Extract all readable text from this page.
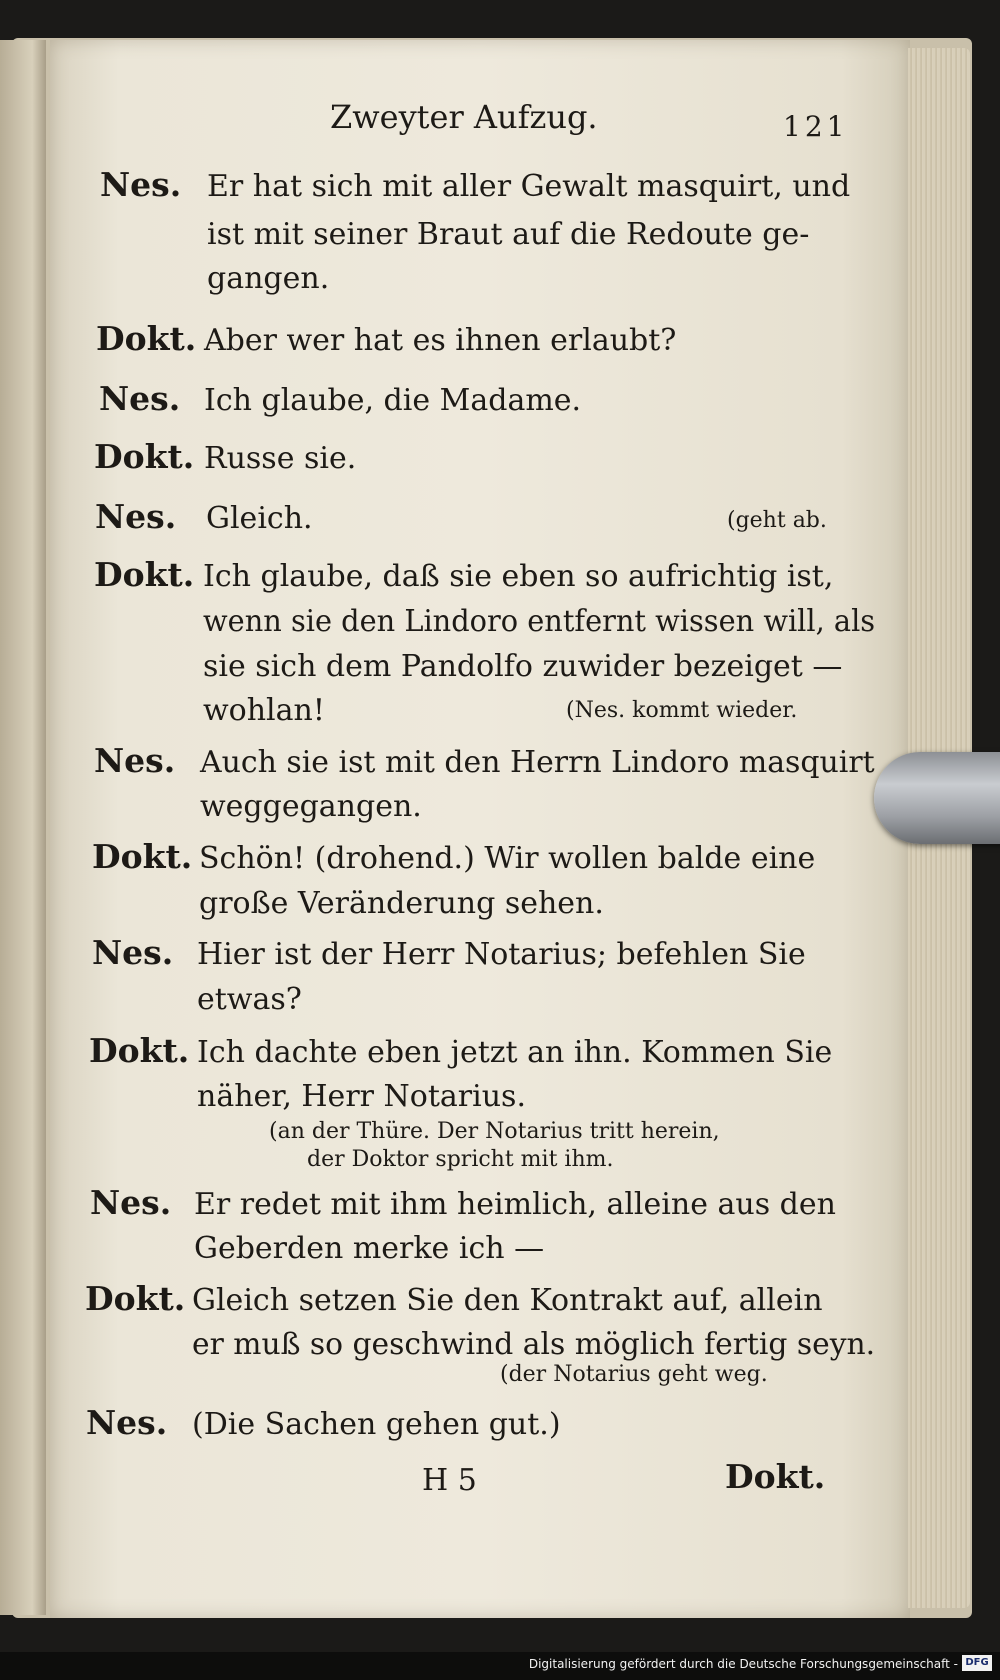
Digitalisierung gefördert durch die Deutsche Forschungsgemeinschaft - DFG
Zweyter Aufzug.	121
Nes. Er hat sich mit aller Gewalt masquirt, und
ist mit seiner Braut auf die Redoute ge-
gangen.
Dokt. Aber wer hat es ihnen erlaubt?
Nes. Ich glaube, die Madame.
Dokt. Russe sie.
Nes. Gleich.	(geht ab.
Dokt. Ich glaube, daß sie eben so aufrichtig ist,
wenn sie den Lindoro entfernt wissen will, als
sie sich dem Pandolfo zuwider bezeiget —
wohlan!	(Nes. kommt wieder.
Nes. Auch sie ist mit den Herrn Lindoro masquirt
weggegangen.
Dokt. Schön! (drohend.) Wir wollen balde eine
große Veränderung sehen.
Nes. Hier ist der Herr Notarius; befehlen Sie
etwas?
Dokt. Ich dachte eben jetzt an ihn. Kommen Sie
näher, Herr Notarius.
(an der Thüre. Der Notarius tritt herein,
der Doktor spricht mit ihm.
Nes. Er redet mit ihm heimlich, alleine aus den
Geberden merke ich —
Dokt. Gleich setzen Sie den Kontrakt auf, allein
er muß so geschwind als möglich fertig seyn.
(der Notarius geht weg.
Nes. (Die Sachen gehen gut.)
H 5	Dokt.
